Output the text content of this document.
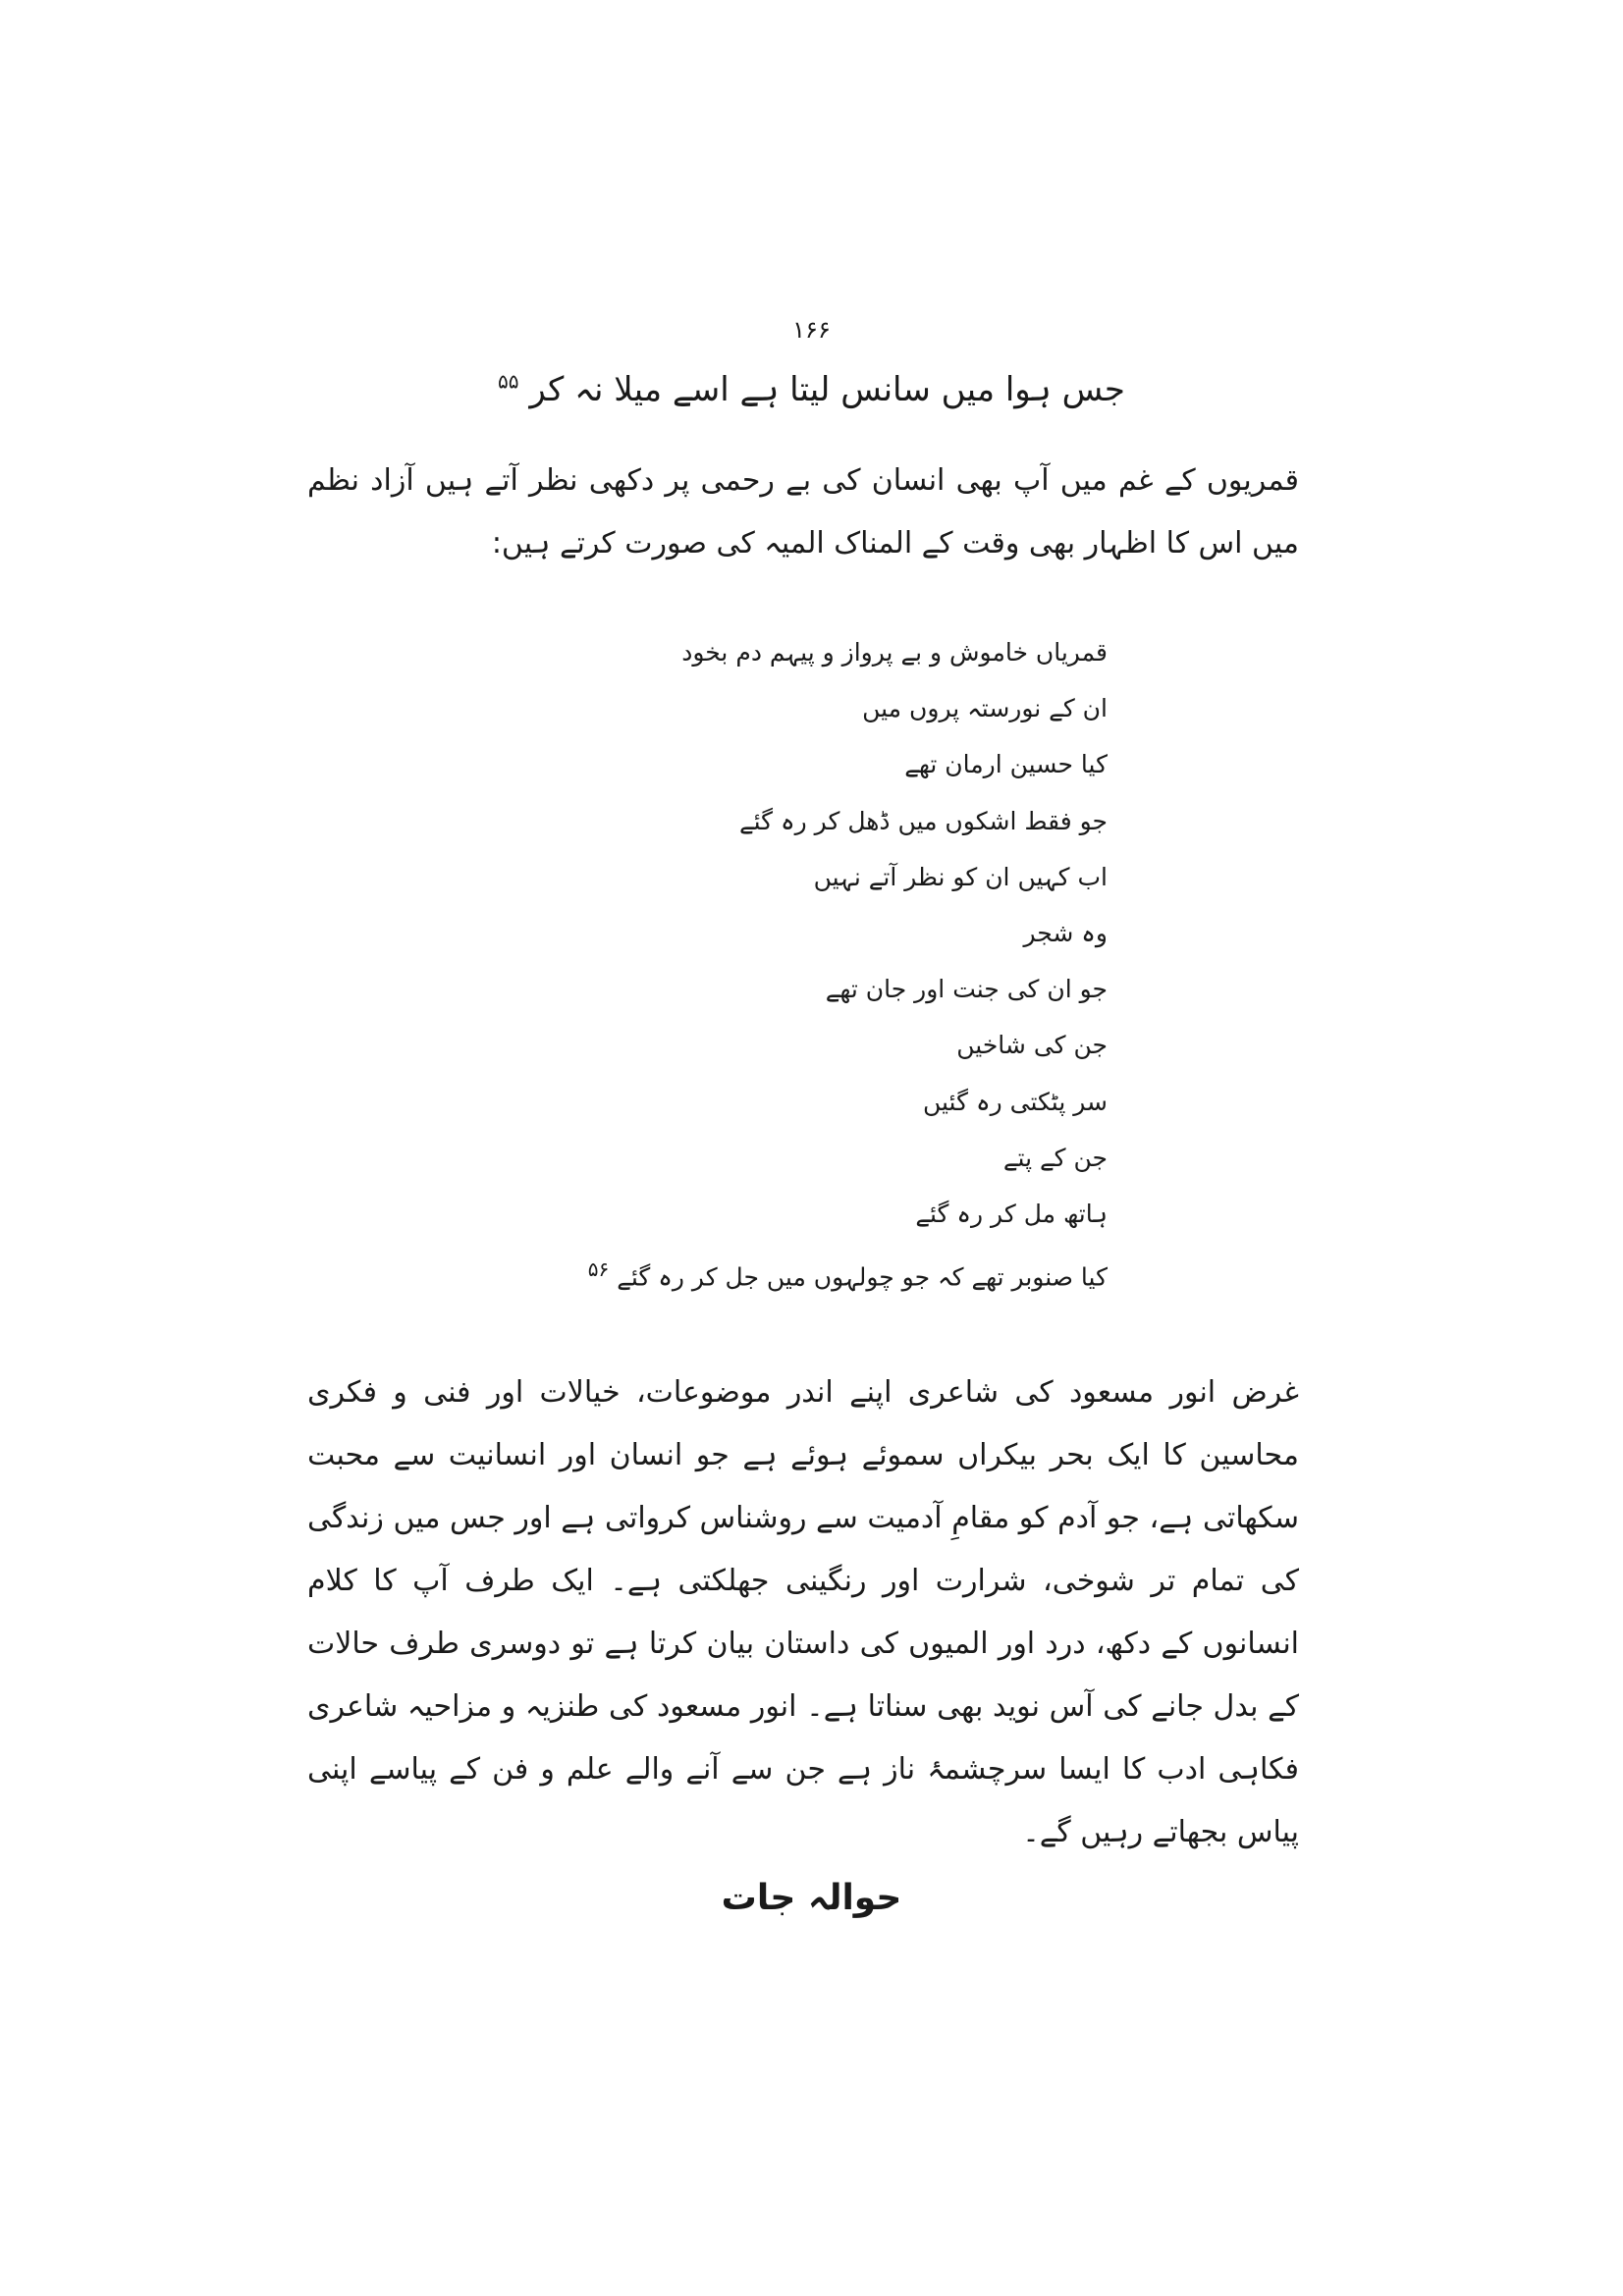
۱۶۶
جس ہوا میں سانس لیتا ہے اسے میلا نہ کر $^{۵۵}$
قمریوں کے غم میں آپ بھی انسان کی بے رحمی پر دکھی نظر آتے ہیں آزاد نظم میں اس کا اظہار بھی وقت کے المناک المیہ کی صورت کرتے ہیں:
قمریاں خاموش و بے پرواز و پیہم دم بخود
ان کے نورستہ پروں میں
کیا حسین ارمان تھے
جو فقط اشکوں میں ڈھل کر رہ گئے
اب کہیں ان کو نظر آتے نہیں
وہ شجر
جو ان کی جنت اور جان تھے
جن کی شاخیں
سر پٹکتی رہ گئیں
جن کے پتے
ہاتھ مل کر رہ گئے
کیا صنوبر تھے کہ جو چولہوں میں جل کر رہ گئے $^{۵۶}$
غرض انور مسعود کی شاعری اپنے اندر موضوعات، خیالات اور فنی و فکری محاسین کا ایک بحر بیکراں سموئے ہوئے ہے جو انسان اور انسانیت سے محبت سکھاتی ہے، جو آدم کو مقامِ آدمیت سے روشناس کرواتی ہے اور جس میں زندگی کی تمام تر شوخی، شرارت اور رنگینی جھلکتی ہے۔ ایک طرف آپ کا کلام انسانوں کے دکھ، درد اور المیوں کی داستان بیان کرتا ہے تو دوسری طرف حالات کے بدل جانے کی آس نوید بھی سناتا ہے۔ انور مسعود کی طنزیہ و مزاحیہ شاعری فکاہی ادب کا ایسا سرچشمۂ ناز ہے جن سے آنے والے علم و فن کے پیاسے اپنی پیاس بجھاتے رہیں گے۔
حوالہ جات
